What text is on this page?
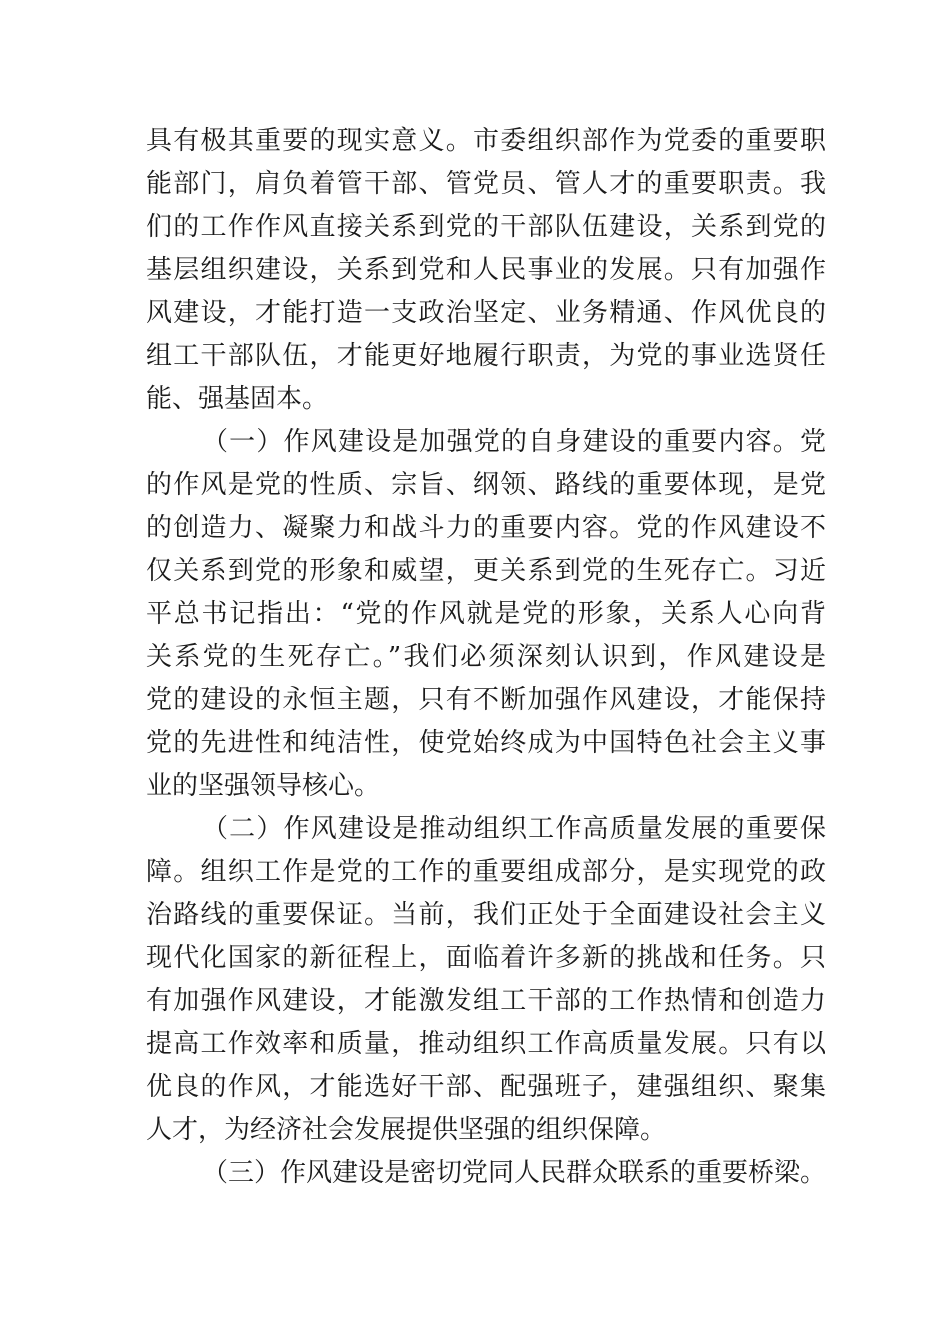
具有极其重要的现实意义。市委组织部作为党委的重要职
能部门，肩负着管干部、管党员、管人才的重要职责。我
们的工作作风直接关系到党的干部队伍建设，关系到党的
基层组织建设，关系到党和人民事业的发展。只有加强作
风建设，才能打造一支政治坚定、业务精通、作风优良的
组工干部队伍，才能更好地履行职责，为党的事业选贤任
能、强基固本。
（一）作风建设是加强党的自身建设的重要内容。党
的作风是党的性质、宗旨、纲领、路线的重要体现，是党
的创造力、凝聚力和战斗力的重要内容。党的作风建设不
仅关系到党的形象和威望，更关系到党的生死存亡。习近
平总书记指出：“党的作风就是党的形象，关系人心向背
关系党的生死存亡。”我们必须深刻认识到，作风建设是
党的建设的永恒主题，只有不断加强作风建设，才能保持
党的先进性和纯洁性，使党始终成为中国特色社会主义事
业的坚强领导核心。
（二）作风建设是推动组织工作高质量发展的重要保
障。组织工作是党的工作的重要组成部分，是实现党的政
治路线的重要保证。当前，我们正处于全面建设社会主义
现代化国家的新征程上，面临着许多新的挑战和任务。只
有加强作风建设，才能激发组工干部的工作热情和创造力
提高工作效率和质量，推动组织工作高质量发展。只有以
优良的作风，才能选好干部、配强班子，建强组织、聚集
人才，为经济社会发展提供坚强的组织保障。
（三）作风建设是密切党同人民群众联系的重要桥梁。
